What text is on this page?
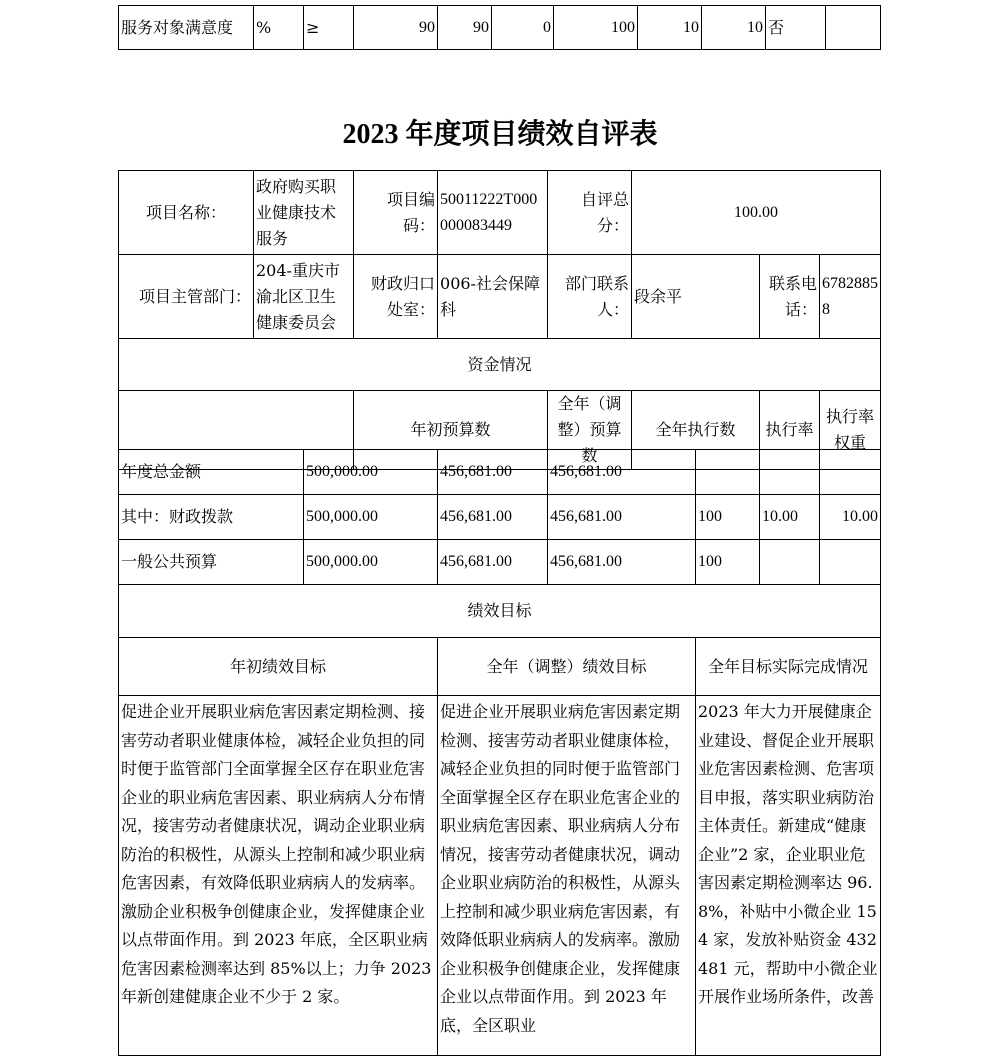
服务对象满意度	%	≥	90	90	0	100	10	10	否	
2023 年度项目绩效自评表
项目名称：	政府购买职业健康技术服务	项目编码：	50011222T000000083449	自评总分：	100.00		
项目主管部门：	204-重庆市渝北区卫生健康委员会	财政归口处室：	006-社会保障科	部门联系人：	段余平	联系电话：	67828858
资金情况							
		年初预算数		全年（调整）预算数	全年执行数	执行率	执行率权重
年度总金额	500,000.00	456,681.00	456,681.00			
其中：财政拨款	500,000.00	456,681.00	456,681.00	100	10.00	10.00
一般公共预算	500,000.00	456,681.00	456,681.00	100		
绩效目标		
年初绩效目标	全年（调整）绩效目标	全年目标实际完成情况
促进企业开展职业病危害因素定期检测、接害劳动者职业健康体检，减轻企业负担的同时便于监管部门全面掌握全区存在职业危害企业的职业病危害因素、职业病病人分布情况，接害劳动者健康状况，调动企业职业病防治的积极性，从源头上控制和减少职业病危害因素，有效降低职业病病人的发病率。激励企业积极争创健康企业，发挥健康企业以点带面作用。到 2023 年底，全区职业病危害因素检测率达到 85%以上；力争 2023 年新创建健康企业不少于 2 家。	促进企业开展职业病危害因素定期检测、接害劳动者职业健康体检，减轻企业负担的同时便于监管部门全面掌握全区存在职业危害企业的职业病危害因素、职业病病人分布情况，接害劳动者健康状况，调动企业职业病防治的积极性，从源头上控制和减少职业病危害因素，有效降低职业病病人的发病率。激励企业积极争创健康企业，发挥健康企业以点带面作用。到 2023 年底，全区职业	2023 年大力开展健康企业建设、督促企业开展职业危害因素检测、危害项目申报，落实职业病防治主体责任。新建成“健康企业”2 家，企业职业危害因素定期检测率达 96.8%，补贴中小微企业 154 家，发放补贴资金 432481 元，帮助中小微企业开展作业场所条件，改善
